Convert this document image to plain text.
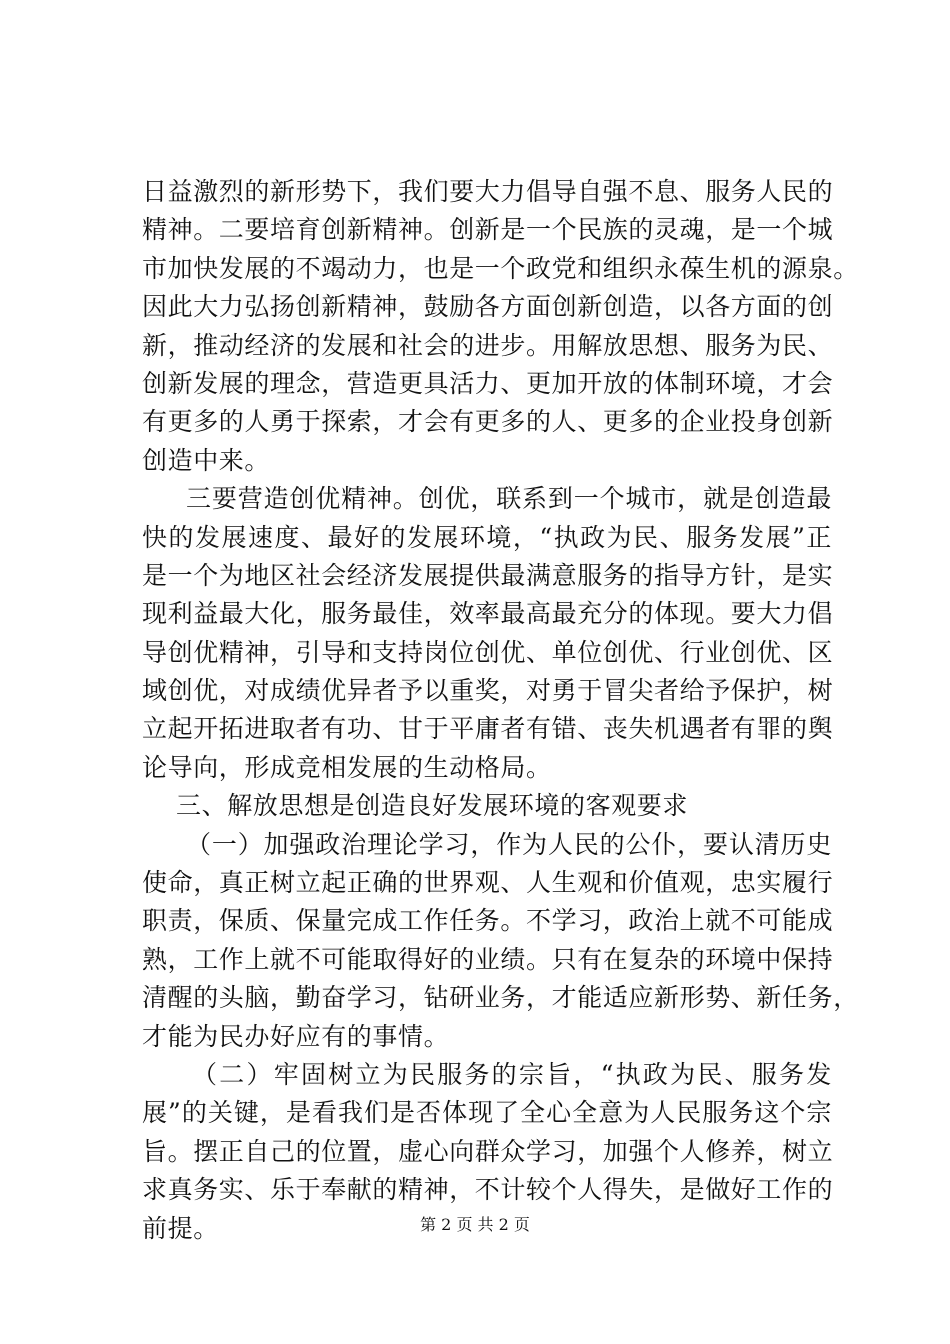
日益激烈的新形势下，我们要大力倡导自强不息、服务人民的
精神。二要培育创新精神。创新是一个民族的灵魂，是一个城
市加快发展的不竭动力，也是一个政党和组织永葆生机的源泉。
因此大力弘扬创新精神，鼓励各方面创新创造，以各方面的创
新，推动经济的发展和社会的进步。用解放思想、服务为民、
创新发展的理念，营造更具活力、更加开放的体制环境，才会
有更多的人勇于探索，才会有更多的人、更多的企业投身创新
创造中来。
三要营造创优精神。创优，联系到一个城市，就是创造最
快的发展速度、最好的发展环境，“执政为民、服务发展”正
是一个为地区社会经济发展提供最满意服务的指导方针，是实
现利益最大化，服务最佳，效率最高最充分的体现。要大力倡
导创优精神，引导和支持岗位创优、单位创优、行业创优、区
域创优，对成绩优异者予以重奖，对勇于冒尖者给予保护，树
立起开拓进取者有功、甘于平庸者有错、丧失机遇者有罪的舆
论导向，形成竞相发展的生动格局。
三、解放思想是创造良好发展环境的客观要求
（一）加强政治理论学习，作为人民的公仆，要认清历史
使命，真正树立起正确的世界观、人生观和价值观，忠实履行
职责，保质、保量完成工作任务。不学习，政治上就不可能成
熟，工作上就不可能取得好的业绩。只有在复杂的环境中保持
清醒的头脑，勤奋学习，钻研业务，才能适应新形势、新任务，
才能为民办好应有的事情。
（二）牢固树立为民服务的宗旨，“执政为民、服务发
展”的关键，是看我们是否体现了全心全意为人民服务这个宗
旨。摆正自己的位置，虚心向群众学习，加强个人修养，树立
求真务实、乐于奉献的精神，不计较个人得失，是做好工作的
前提。	第 2 页 共 2 页
